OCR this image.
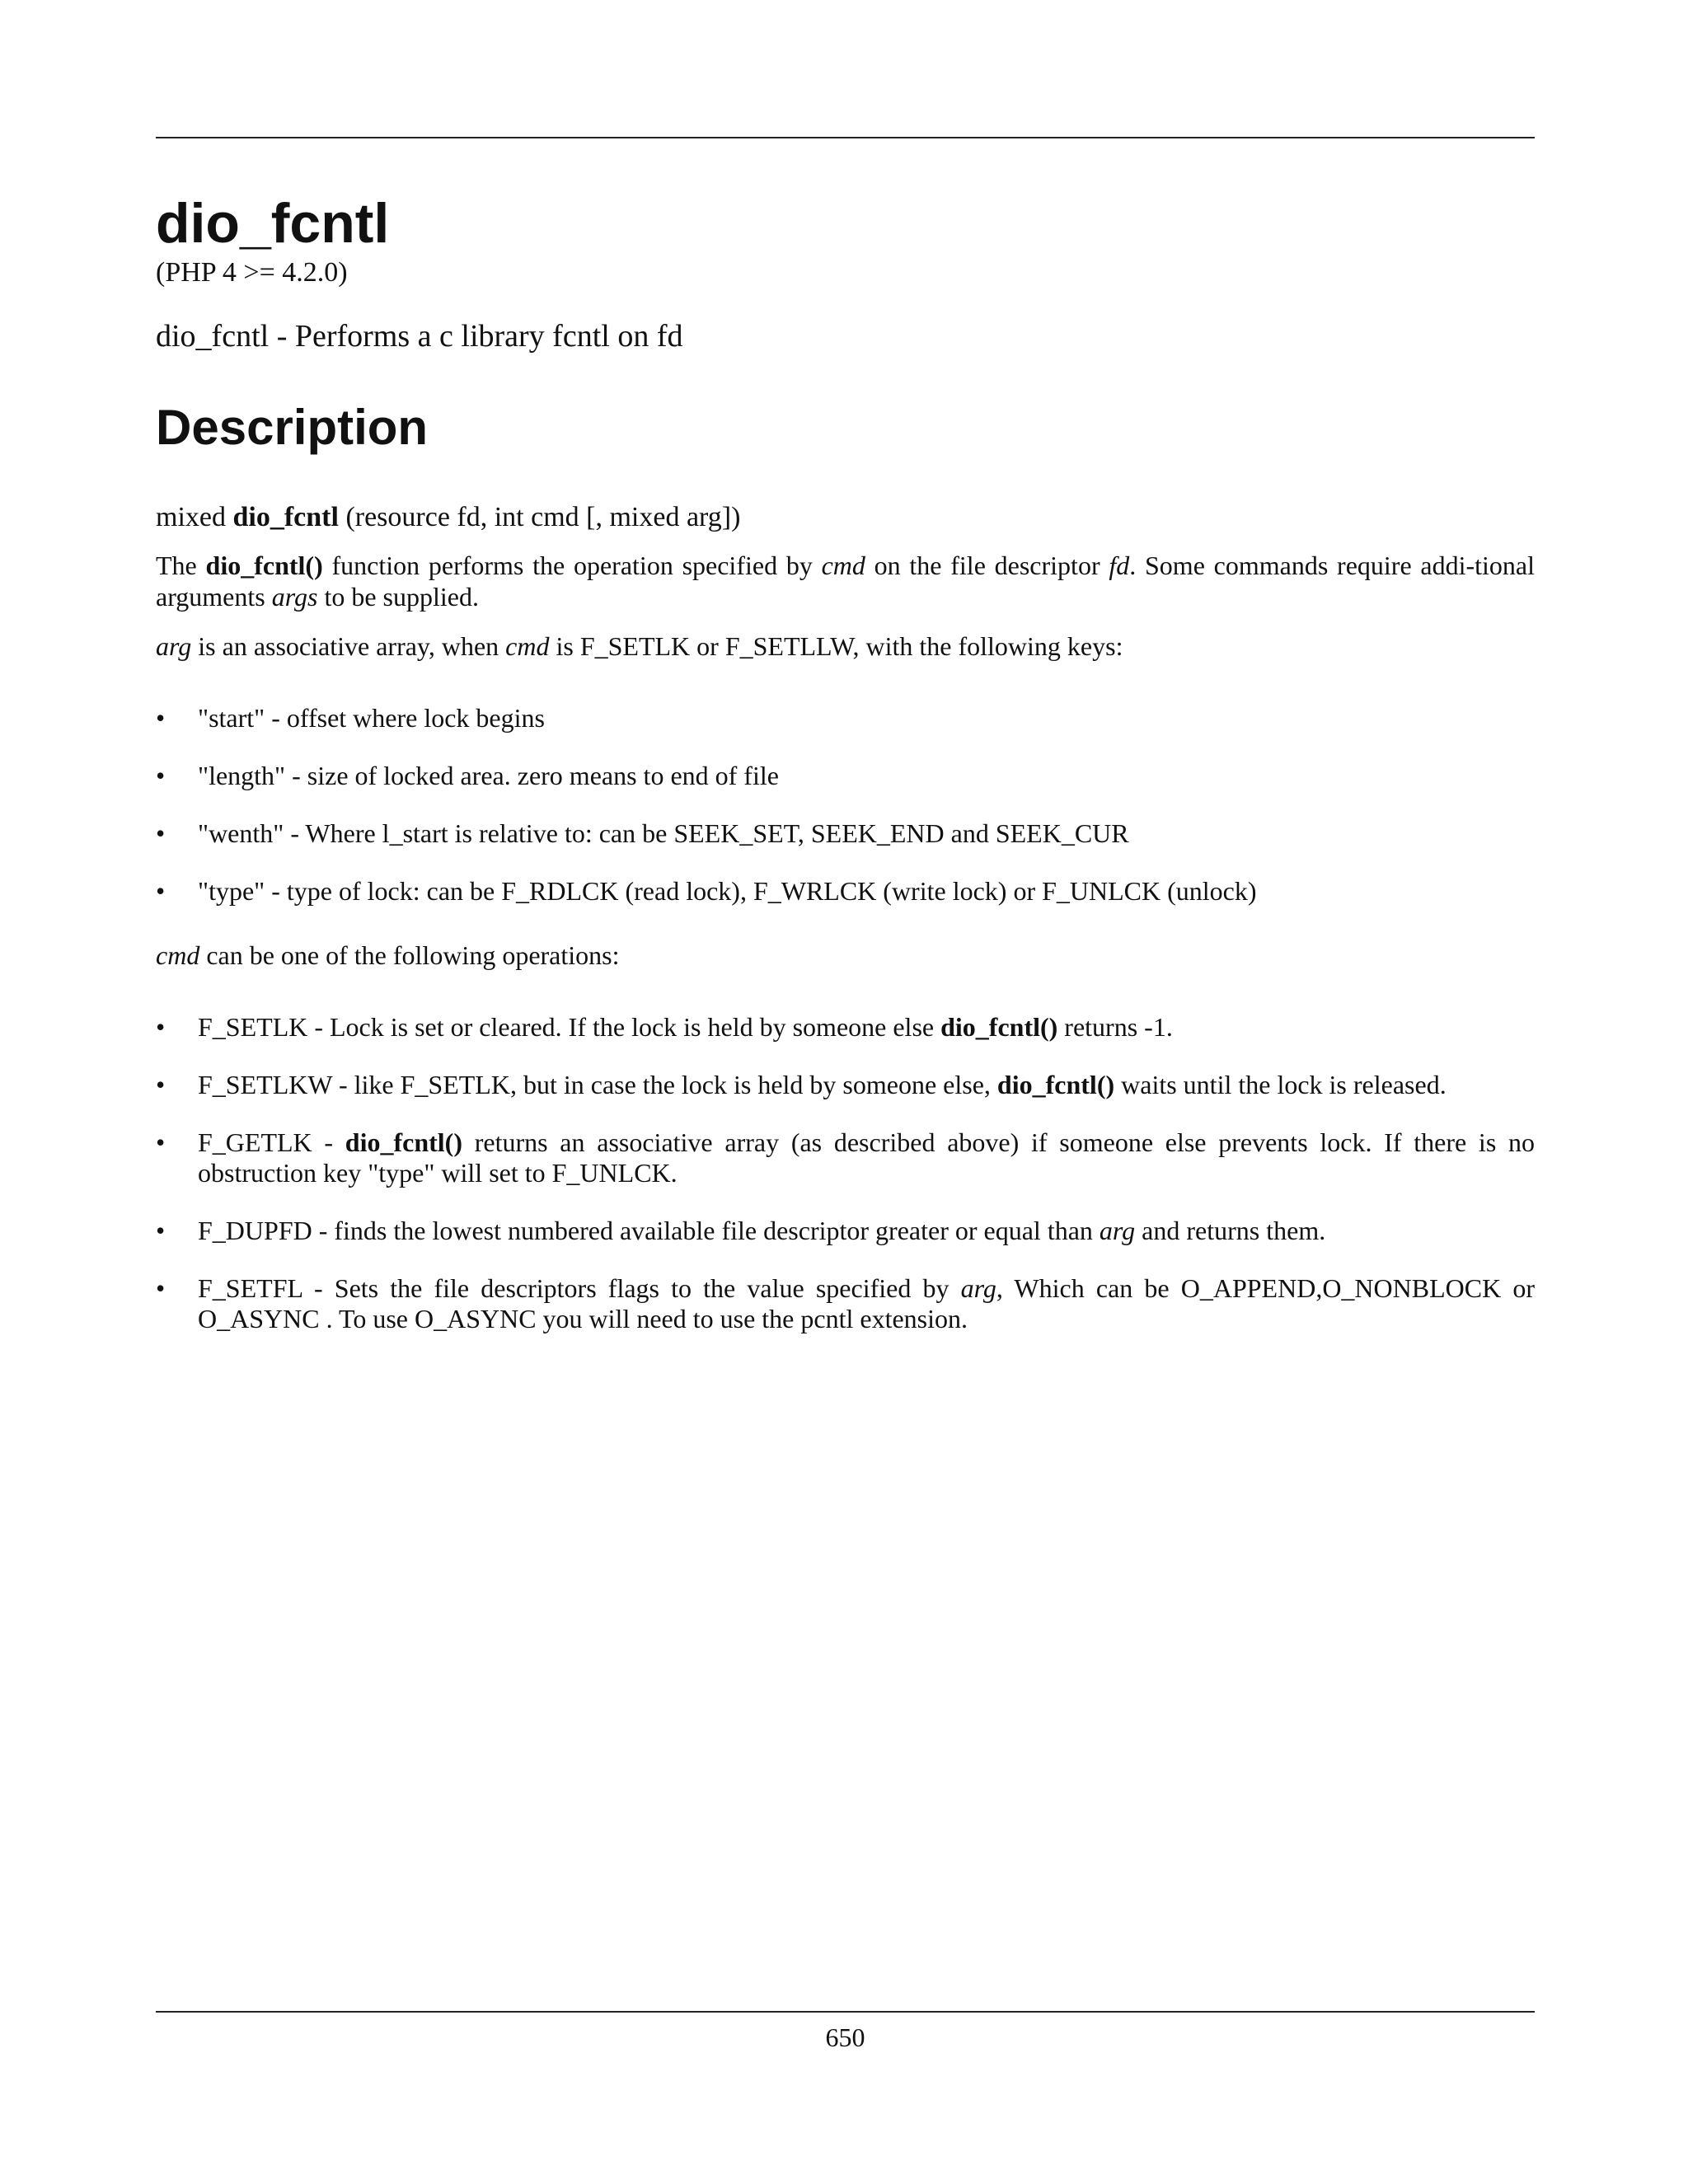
dio_fcntl
(PHP 4 >= 4.2.0)
dio_fcntl - Performs a c library fcntl on fd
Description
mixed dio_fcntl (resource fd, int cmd [, mixed arg])

The dio_fcntl() function performs the operation specified by cmd on the file descriptor fd. Some commands require addi-tional arguments args to be supplied.

arg is an associative array, when cmd is F_SETLK or F_SETLLW, with the following keys:

• "start" - offset where lock begins
• "length" - size of locked area. zero means to end of file
• "wenth" - Where l_start is relative to: can be SEEK_SET, SEEK_END and SEEK_CUR
• "type" - type of lock: can be F_RDLCK (read lock), F_WRLCK (write lock) or F_UNLCK (unlock)

cmd can be one of the following operations:

• F_SETLK - Lock is set or cleared. If the lock is held by someone else dio_fcntl() returns -1.
• F_SETLKW - like F_SETLK, but in case the lock is held by someone else, dio_fcntl() waits until the lock is released.
• F_GETLK - dio_fcntl() returns an associative array (as described above) if someone else prevents lock. If there is no obstruction key "type" will set to F_UNLCK.
• F_DUPFD - finds the lowest numbered available file descriptor greater or equal than arg and returns them.
• F_SETFL - Sets the file descriptors flags to the value specified by arg, Which can be O_APPEND,O_NONBLOCK or O_ASYNC . To use O_ASYNC you will need to use the pcntl extension.
650
